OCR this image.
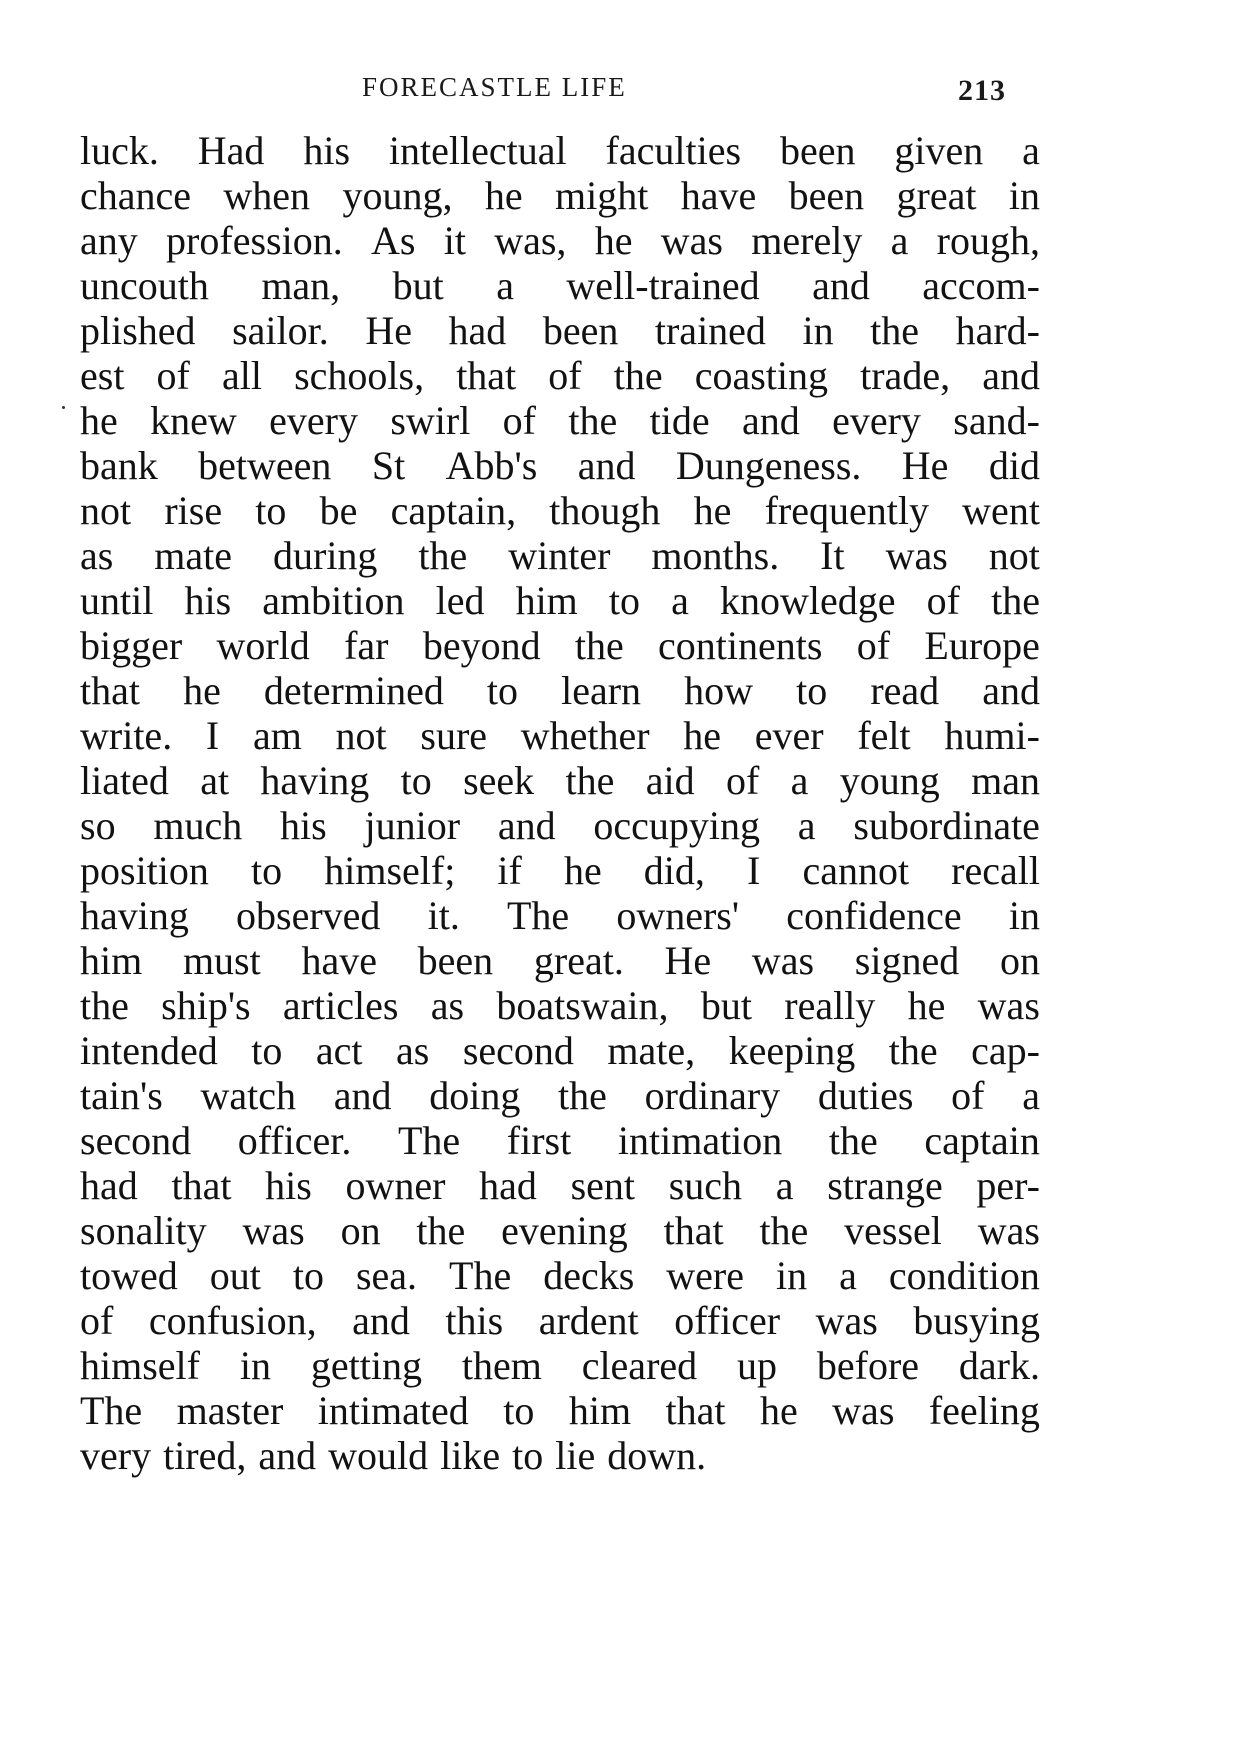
FORECASTLE LIFE	213
luck. Had his intellectual faculties been given a
chance when young, he might have been great in
any profession. As it was, he was merely a rough,
uncouth man, but a well-trained and accom-
plished sailor. He had been trained in the hard-
est of all schools, that of the coasting trade, and
he knew every swirl of the tide and every sand-
bank between St Abb's and Dungeness. He did
not rise to be captain, though he frequently went
as mate during the winter months. It was not
until his ambition led him to a knowledge of the
bigger world far beyond the continents of Europe
that he determined to learn how to read and
write. I am not sure whether he ever felt humi-
liated at having to seek the aid of a young man
so much his junior and occupying a subordinate
position to himself; if he did, I cannot recall
having observed it. The owners' confidence in
him must have been great. He was signed on
the ship's articles as boatswain, but really he was
intended to act as second mate, keeping the cap-
tain's watch and doing the ordinary duties of a
second officer. The first intimation the captain
had that his owner had sent such a strange per-
sonality was on the evening that the vessel was
towed out to sea. The decks were in a condition
of confusion, and this ardent officer was busying
himself in getting them cleared up before dark.
The master intimated to him that he was feeling
very tired, and would like to lie down.
